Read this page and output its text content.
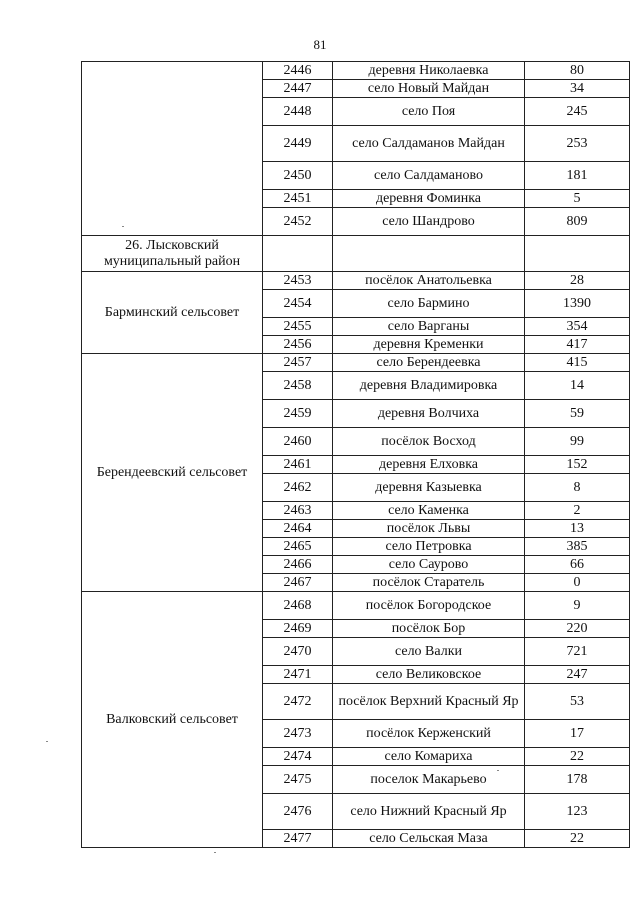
81
	2446	деревня Николаевка	80
	2447	село Новый Майдан	34
	2448	село Поя	245
	2449	село Салдаманов Майдан	253
	2450	село Салдаманово	181
	2451	деревня Фоминка	5
	2452	село Шандрово	809
26. Лысковский муниципальный район			
Барминский сельсовет	2453	посёлок Анатольевка	28
	2454	село Бармино	1390
	2455	село Варганы	354
	2456	деревня Кременки	417
Берендеевский сельсовет	2457	село Берендеевка	415
	2458	деревня Владимировка	14
	2459	деревня Волчиха	59
	2460	посёлок Восход	99
	2461	деревня Елховка	152
	2462	деревня Казыевка	8
	2463	село Каменка	2
	2464	посёлок Львы	13
	2465	село Петровка	385
	2466	село Саурово	66
	2467	посёлок Старатель	0
Валковский сельсовет	2468	посёлок Богородское	9
	2469	посёлок Бор	220
	2470	село Валки	721
	2471	село Великовское	247
	2472	посёлок Верхний Красный Яр	53
	2473	посёлок Керженский	17
	2474	село Комариха	22
	2475	поселок Макарьево	178
	2476	село Нижний Красный Яр	123
	2477	село Сельская Маза	22
